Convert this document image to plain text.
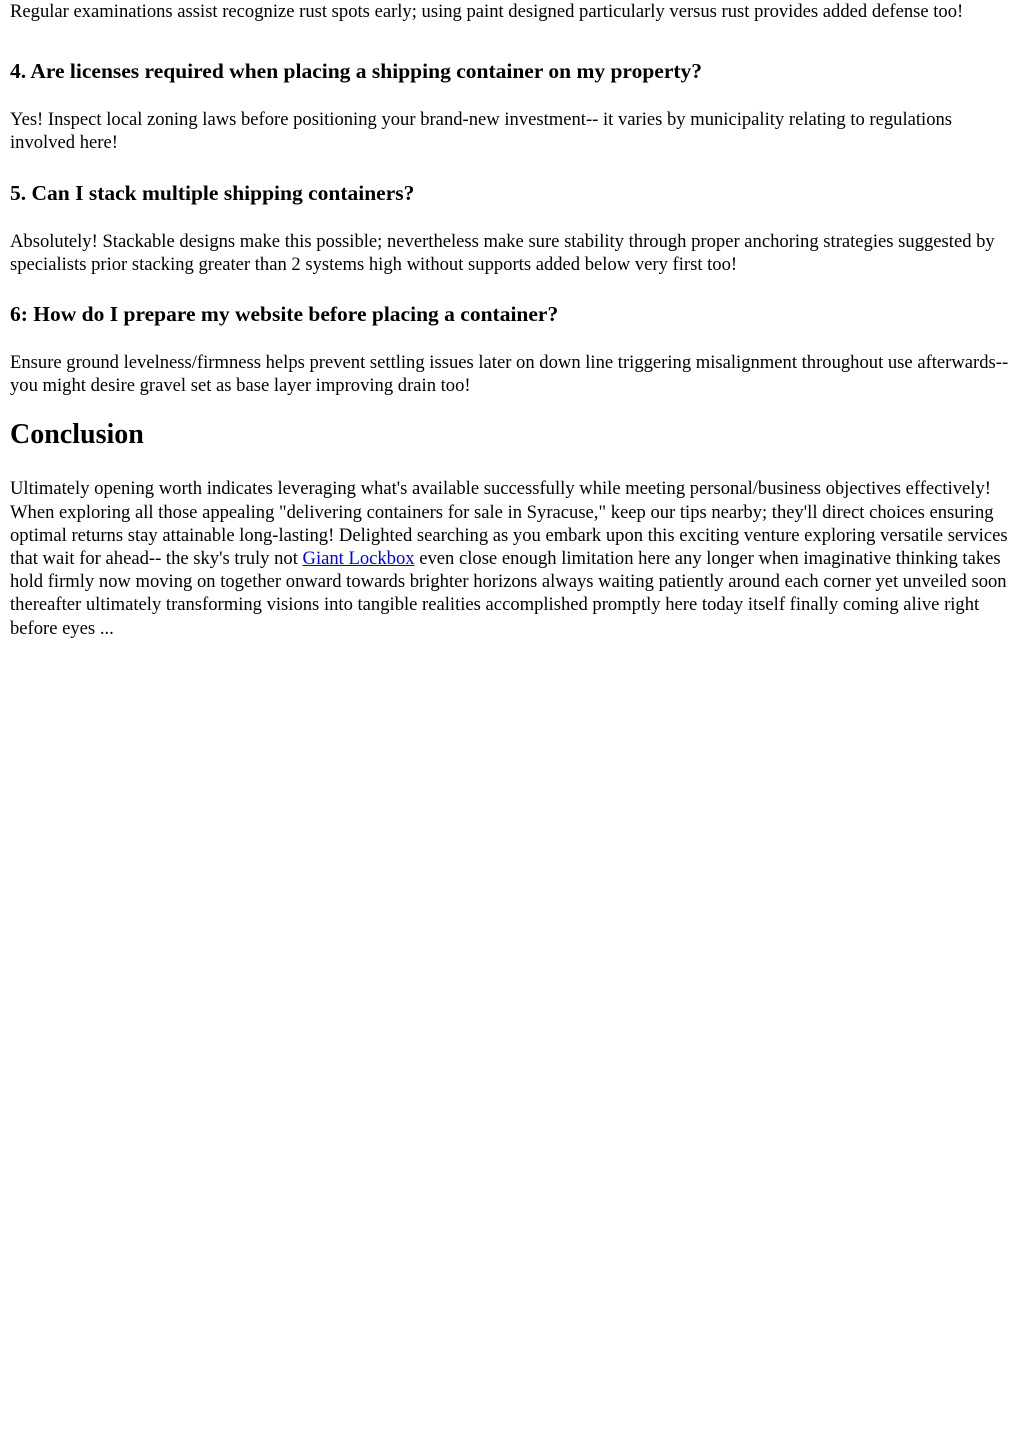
Regular examinations assist recognize rust spots early; using paint designed particularly versus rust provides added defense too!

4. Are licenses required when placing a shipping container on my property?

Yes! Inspect local zoning laws before positioning your brand-new investment-- it varies by municipality relating to regulations involved here!

5. Can I stack multiple shipping containers?

Absolutely! Stackable designs make this possible; nevertheless make sure stability through proper anchoring strategies suggested by specialists prior stacking greater than 2 systems high without supports added below very first too!

6: How do I prepare my website before placing a container?

Ensure ground levelness/firmness helps prevent settling issues later on down line triggering misalignment throughout use afterwards-- you might desire gravel set as base layer improving drain too!

Conclusion

Ultimately opening worth indicates leveraging what's available successfully while meeting personal/business objectives effectively! When exploring all those appealing "delivering containers for sale in Syracuse," keep our tips nearby; they'll direct choices ensuring optimal returns stay attainable long-lasting! Delighted searching as you embark upon this exciting venture exploring versatile services that wait for ahead-- the sky's truly not Giant Lockbox even close enough limitation here any longer when imaginative thinking takes hold firmly now moving on together onward towards brighter horizons always waiting patiently around each corner yet unveiled soon thereafter ultimately transforming visions into tangible realities accomplished promptly here today itself finally coming alive right before eyes ...
